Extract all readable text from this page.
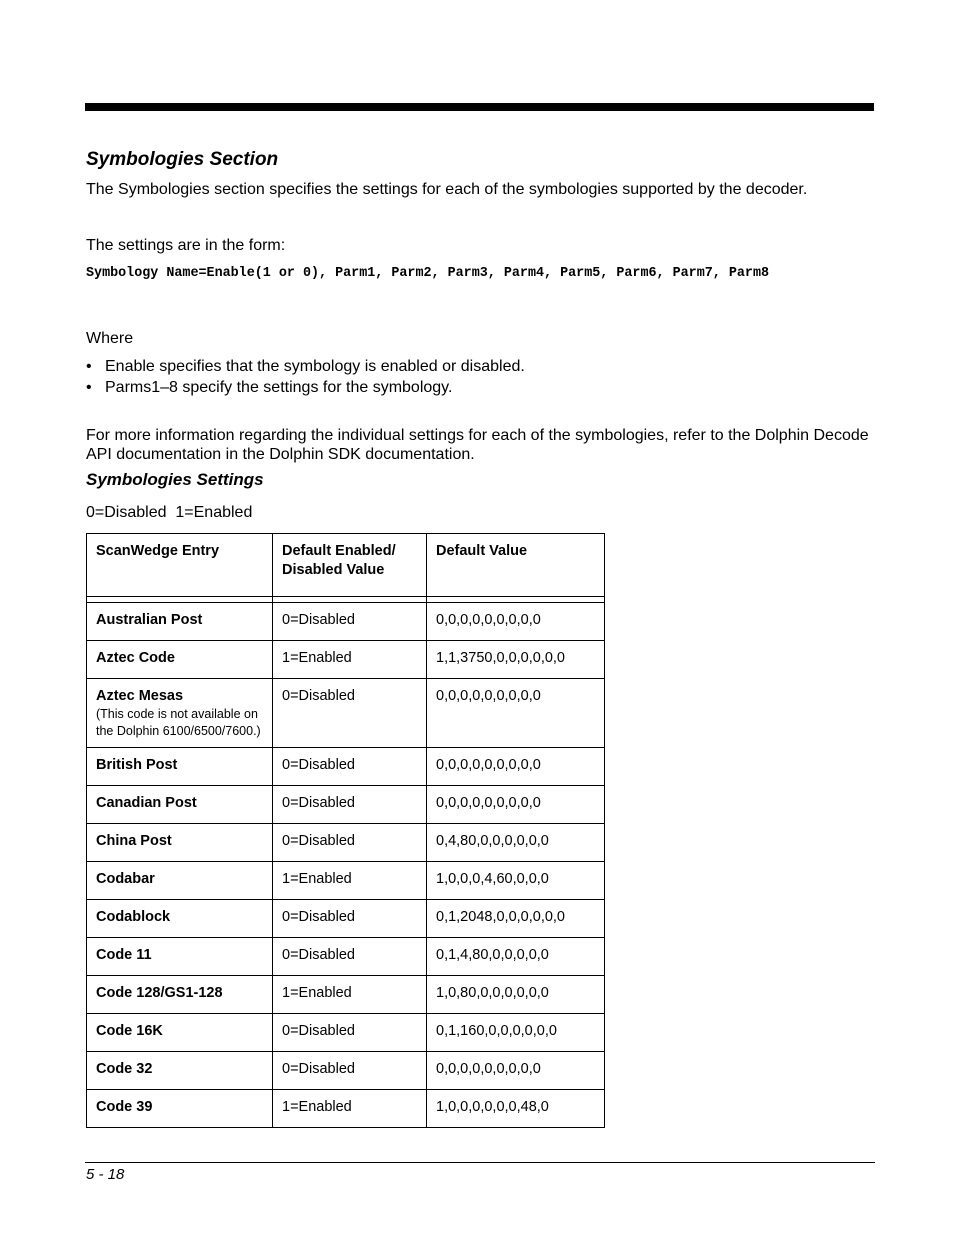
Symbologies Section

The Symbologies section specifies the settings for each of the symbologies supported by the decoder.

The settings are in the form:

Symbology Name=Enable(1 or 0), Parm1, Parm2, Parm3, Parm4, Parm5, Parm6, Parm7, Parm8

Where

• Enable specifies that the symbology is enabled or disabled.
• Parms1–8 specify the settings for the symbology.

For more information regarding the individual settings for each of the symbologies, refer to the Dolphin Decode API documentation in the Dolphin SDK documentation.

Symbologies Settings

0=Disabled  1=Enabled

ScanWedge Entry	Default Enabled/ Disabled Value	Default Value

Australian Post	0=Disabled	0,0,0,0,0,0,0,0,0
Aztec Code	1=Enabled	1,1,3750,0,0,0,0,0,0
Aztec Mesas
(This code is not available on the Dolphin 6100/6500/7600.)	0=Disabled	0,0,0,0,0,0,0,0,0
British Post	0=Disabled	0,0,0,0,0,0,0,0,0
Canadian Post	0=Disabled	0,0,0,0,0,0,0,0,0
China Post	0=Disabled	0,4,80,0,0,0,0,0,0
Codabar	1=Enabled	1,0,0,0,4,60,0,0,0
Codablock	0=Disabled	0,1,2048,0,0,0,0,0,0
Code 11	0=Disabled	0,1,4,80,0,0,0,0,0
Code 128/GS1-128	1=Enabled	1,0,80,0,0,0,0,0,0
Code 16K	0=Disabled	0,1,160,0,0,0,0,0,0
Code 32	0=Disabled	0,0,0,0,0,0,0,0,0
Code 39	1=Enabled	1,0,0,0,0,0,0,48,0
5 - 18
